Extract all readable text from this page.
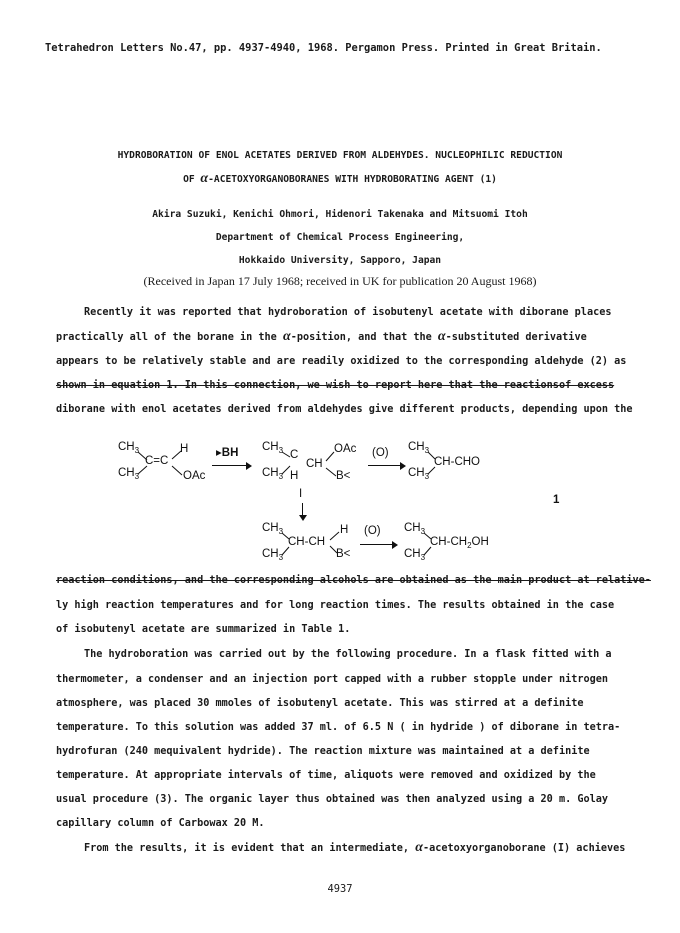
Tetrahedron Letters No.47, pp. 4937-4940, 1968. Pergamon Press. Printed in Great Britain.
HYDROBORATION OF ENOL ACETATES DERIVED FROM ALDEHYDES. NUCLEOPHILIC REDUCTION
OF α-ACETOXYORGANOBORANES WITH HYDROBORATING AGENT (1)
Akira Suzuki, Kenichi Ohmori, Hidenori Takenaka and Mitsuomi Itoh
Department of Chemical Process Engineering,
Hokkaido University, Sapporo, Japan
(Received in Japan 17 July 1968; received in UK for publication 20 August 1968)
Recently it was reported that hydroboration of isobutenyl acetate with diborane places
practically all of the borane in the α-position, and that the α-substituted derivative
appears to be relatively stable and are readily oxidized to the corresponding aldehyde (2) as
shown in equation 1. In this connection, we wish to report here that the reactionsof excess
diborane with enol acetates derived from aldehydes give different products, depending upon the
$CH_3$
$CH_3$
C=C
H
OAc
▸BH $CH_3$
$CH_3$
C
H
CH
OAc
B<
(O) $CH_3$
$CH_3$
CH-CHO
I	1
$CH_3$
$CH_3$
CH-CH
H
B<
(O) $CH_3$
$CH_3$
$CH-CH_2OH$
reaction conditions, and the corresponding alcohols are obtained as the main product at relative-
ly high reaction temperatures and for long reaction times. The results obtained in the case
of isobutenyl acetate are summarized in Table 1.
The hydroboration was carried out by the following procedure. In a flask fitted with a
thermometer, a condenser and an injection port capped with a rubber stopple under nitrogen
atmosphere, was placed 30 mmoles of isobutenyl acetate. This was stirred at a definite
temperature. To this solution was added 37 ml. of 6.5 N ( in hydride ) of diborane in tetra-
hydrofuran (240 mequivalent hydride). The reaction mixture was maintained at a definite
temperature. At appropriate intervals of time, aliquots were removed and oxidized by the
usual procedure (3). The organic layer thus obtained was then analyzed using a 20 m. Golay
capillary column of Carbowax 20 M.
From the results, it is evident that an intermediate, α-acetoxyorganoborane (I) achieves
4937
